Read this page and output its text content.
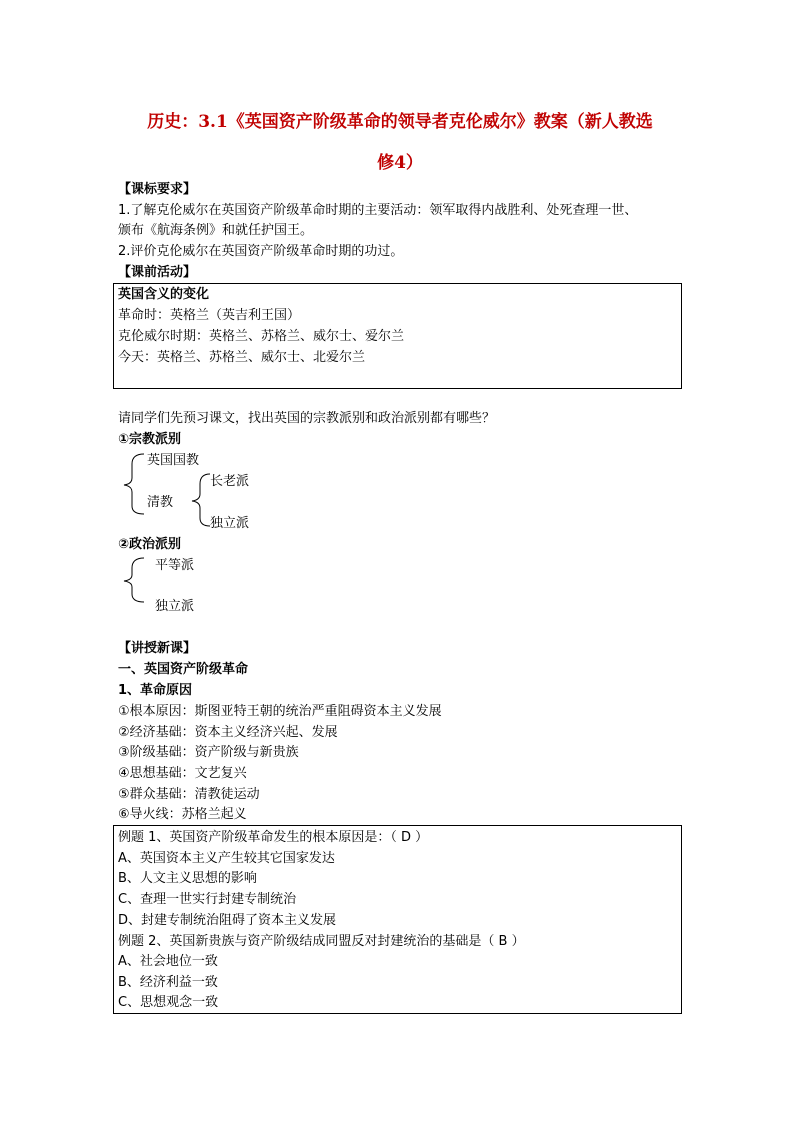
历史：3.1《英国资产阶级革命的领导者克伦威尔》教案（新人教选
修4）
【课标要求】
1.了解克伦威尔在英国资产阶级革命时期的主要活动：领军取得内战胜利、处死查理一世、
颁布《航海条例》和就任护国王。
2.评价克伦威尔在英国资产阶级革命时期的功过。
【课前活动】
英国含义的变化
革命时：英格兰（英吉利王国）
克伦威尔时期：英格兰、苏格兰、威尔士、爱尔兰
今天：英格兰、苏格兰、威尔士、北爱尔兰
请同学们先预习课文，找出英国的宗教派别和政治派别都有哪些？
①宗教派别
英国国教
清教
长老派
独立派
②政治派别
平等派
独立派
【讲授新课】
一、英国资产阶级革命
1、革命原因
①根本原因：斯图亚特王朝的统治严重阻碍资本主义发展
②经济基础：资本主义经济兴起、发展
③阶级基础：资产阶级与新贵族
④思想基础：文艺复兴
⑤群众基础：清教徒运动
⑥导火线：苏格兰起义
例题 1、英国资产阶级革命发生的根本原因是：（ D ）
A、英国资本主义产生较其它国家发达
B、人文主义思想的影响
C、查理一世实行封建专制统治
D、封建专制统治阻碍了资本主义发展
例题 2、英国新贵族与资产阶级结成同盟反对封建统治的基础是（ B ）
A、社会地位一致
B、经济利益一致
C、思想观念一致
